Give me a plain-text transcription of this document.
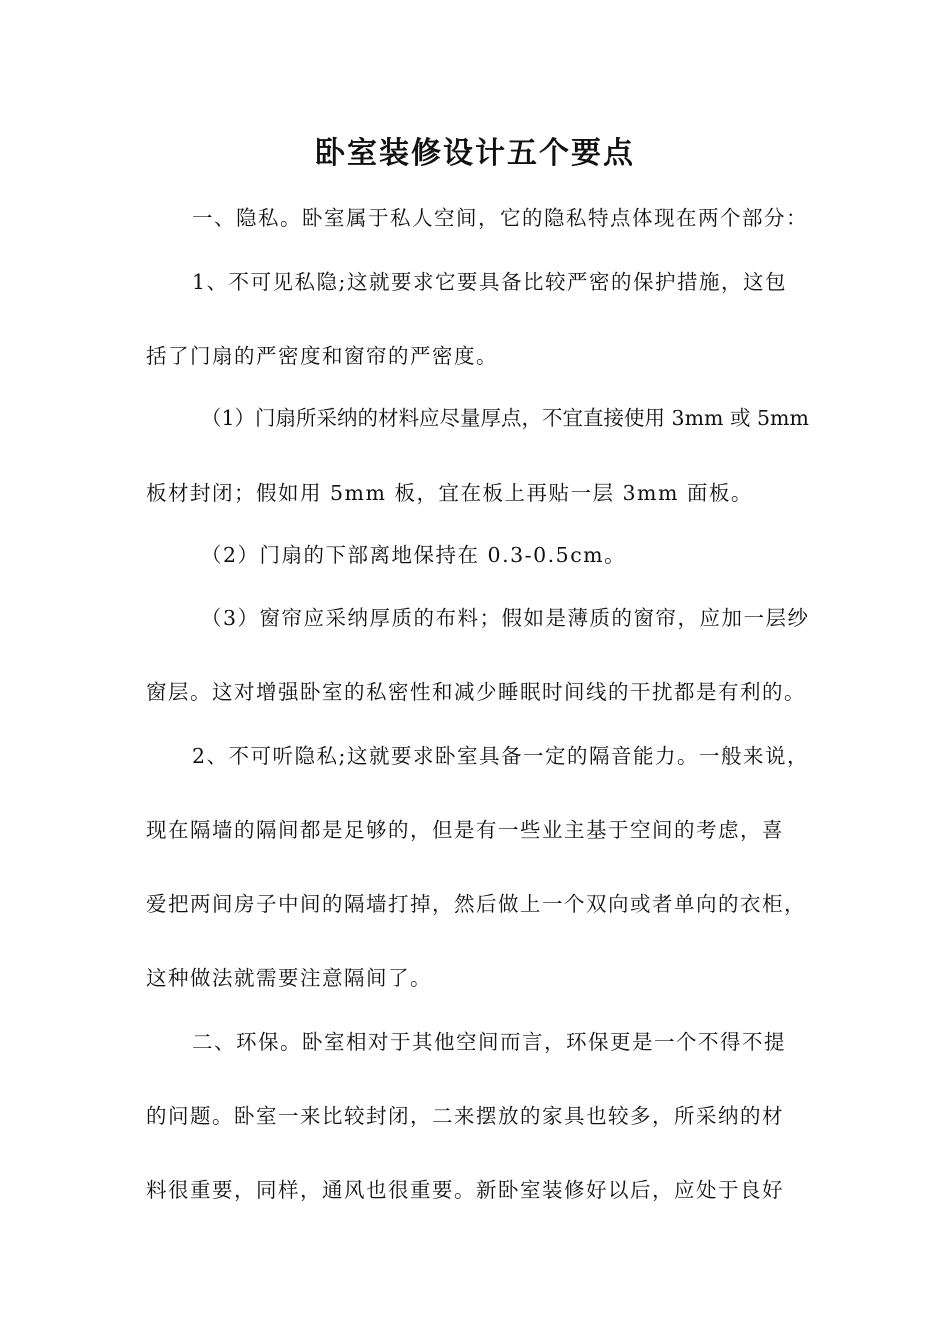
卧室装修设计五个要点
一、隐私。卧室属于私人空间，它的隐私特点体现在两个部分：
1、不可见私隐;这就要求它要具备比较严密的保护措施，这包
括了门扇的严密度和窗帘的严密度。
（1）门扇所采纳的材料应尽量厚点，不宜直接使用 3mm 或 5mm
板材封闭；假如用 5mm 板，宜在板上再贴一层 3mm 面板。
（2）门扇的下部离地保持在 0.3-0.5cm。
（3）窗帘应采纳厚质的布料；假如是薄质的窗帘，应加一层纱
窗层。这对增强卧室的私密性和减少睡眠时间线的干扰都是有利的。
2、不可听隐私;这就要求卧室具备一定的隔音能力。一般来说，
现在隔墙的隔间都是足够的，但是有一些业主基于空间的考虑，喜
爱把两间房子中间的隔墙打掉，然后做上一个双向或者单向的衣柜，
这种做法就需要注意隔间了。
二、环保。卧室相对于其他空间而言，环保更是一个不得不提
的问题。卧室一来比较封闭，二来摆放的家具也较多，所采纳的材
料很重要，同样，通风也很重要。新卧室装修好以后，应处于良好
